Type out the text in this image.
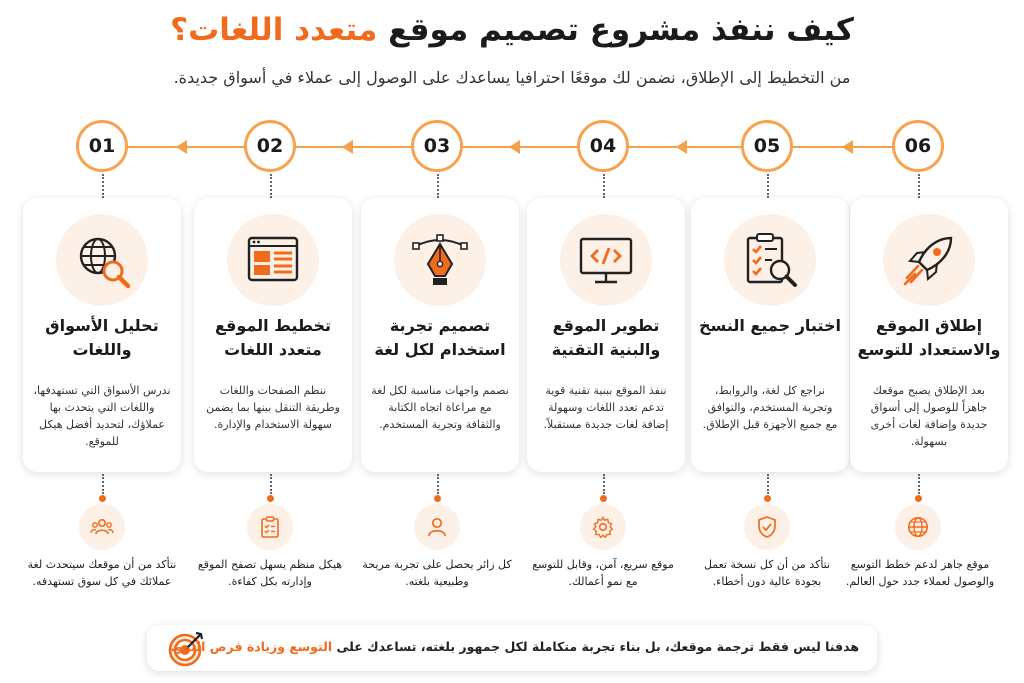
كيف ننفذ مشروع تصميم موقع متعدد اللغات؟
من التخطيط إلى الإطلاق، نضمن لك موقعًا احترافيا يساعدك على الوصول إلى عملاء في أسواق جديدة.
01	02	03	04	05	06
تحليل الأسواق واللغات
ندرس الأسواق التي تستهدفها، واللغات التي يتحدث بها عملاؤك، لتحديد أفضل هيكل للموقع.
تخطيط الموقع متعدد اللغات
ننظم الصفحات واللغات وطريقة التنقل بينها بما يضمن سهولة الاستخدام والإدارة.
تصميم تجربة استخدام لكل لغة
نصمم واجهات مناسبة لكل لغة مع مراعاة اتجاه الكتابة والثقافة وتجربة المستخدم.
تطوير الموقع والبنية التقنية
ننفذ الموقع ببنية تقنية قوية تدعم تعدد اللغات وسهولة إضافة لغات جديدة مستقبلاً.
اختبار جميع النسخ
نراجع كل لغة، والروابط، وتجربة المستخدم، والتوافق مع جميع الأجهزة قبل الإطلاق.
إطلاق الموقع والاستعداد للتوسع
بعد الإطلاق يصبح موقعك جاهزاً للوصول إلى أسواق جديدة وإضافة لغات أخرى بسهولة.
نتأكد من أن موقعك سيتحدث لغة عملائك في كل سوق تستهدفه.
هيكل منظم يسهل تصفح الموقع وإدارته بكل كفاءة.
كل زائر يحصل على تجربة مريحة وطبيعية بلغته.
موقع سريع، آمن، وقابل للتوسع مع نمو أعمالك.
نتأكد من أن كل نسخة تعمل بجودة عالية دون أخطاء.
موقع جاهز لدعم خطط التوسع والوصول لعملاء جدد حول العالم.
هدفنا ليس فقط ترجمة موقعك، بل بناء تجربة متكاملة لكل جمهور بلغته، تساعدك على التوسع وزيادة فرص النمو.
